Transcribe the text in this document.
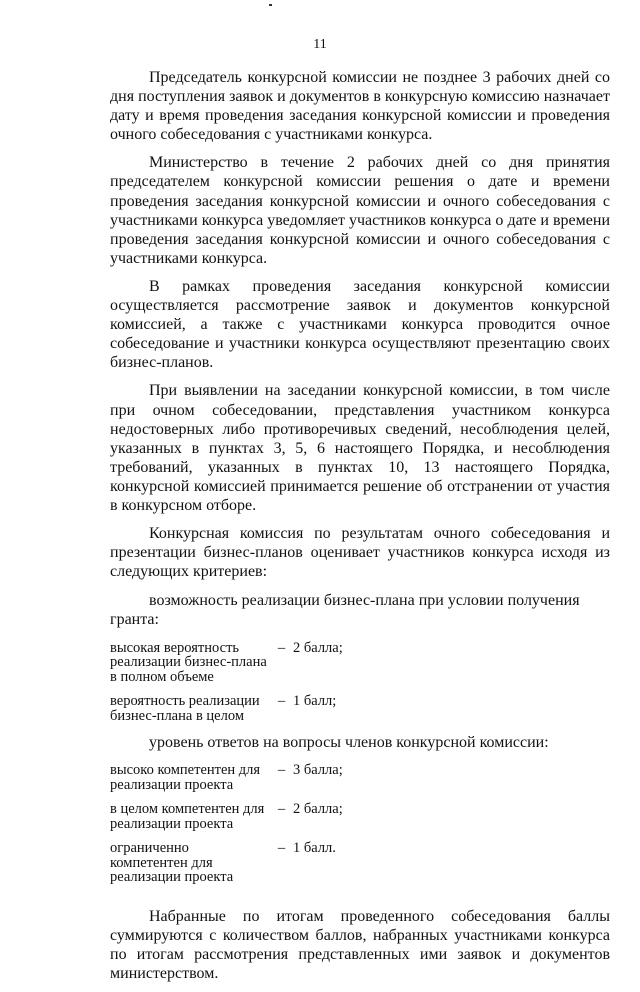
11

Председатель конкурсной комиссии не позднее 3 рабочих дней со дня поступления заявок и документов в конкурсную комиссию назначает дату и время проведения заседания конкурсной комиссии и проведения очного собеседования с участниками конкурса.

Министерство в течение 2 рабочих дней со дня принятия председателем конкурсной комиссии решения о дате и времени проведения заседания конкурсной комиссии и очного собеседования с участниками конкурса уведомляет участников конкурса о дате и времени проведения заседания конкурсной комиссии и очного собеседования с участниками конкурса.

В рамках проведения заседания конкурсной комиссии осуществляется рассмотрение заявок и документов конкурсной комиссией, а также с участниками конкурса проводится очное собеседование и участники конкурса осуществляют презентацию своих бизнес-планов.

При выявлении на заседании конкурсной комиссии, в том числе при очном собеседовании, представления участником конкурса недостоверных либо противоречивых сведений, несоблюдения целей, указанных в пунктах 3, 5, 6 настоящего Порядка, и несоблюдения требований, указанных в пунктах 10, 13 настоящего Порядка, конкурсной комиссией принимается решение об отстранении от участия в конкурсном отборе.

Конкурсная комиссия по результатам очного собеседования и презентации бизнес-планов оценивает участников конкурса исходя из следующих критериев:

возможность реализации бизнес-плана при условии получения гранта:
высокая вероятность реализации бизнес-плана в полном объеме
– 2 балла;
вероятность реализации бизнес-плана в целом
– 1 балл;
уровень ответов на вопросы членов конкурсной комиссии:
высоко компетентен для реализации проекта
– 3 балла;
в целом компетентен для реализации проекта
– 2 балла;
ограниченно компетентен для реализации проекта
– 1 балл.

Набранные по итогам проведенного собеседования баллы суммируются с количеством баллов, набранных участниками конкурса по итогам рассмотрения представленных ими заявок и документов министерством.
